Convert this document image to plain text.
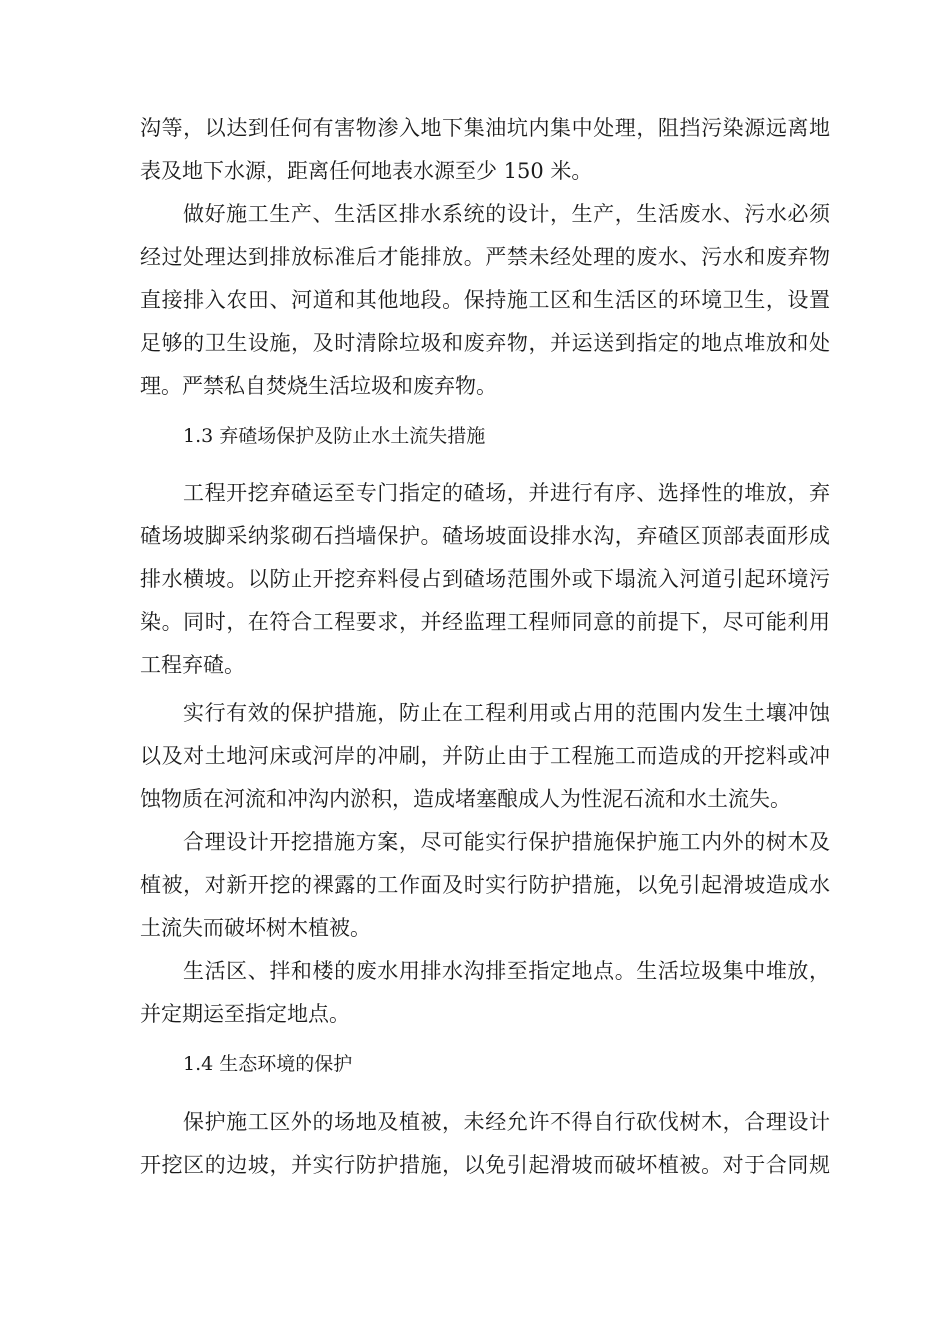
沟等，以达到任何有害物渗入地下集油坑内集中处理，阻挡污染源远离地
表及地下水源，距离任何地表水源至少 150 米。
做好施工生产、生活区排水系统的设计，生产，生活废水、污水必须
经过处理达到排放标准后才能排放。严禁未经处理的废水、污水和废弃物
直接排入农田、河道和其他地段。保持施工区和生活区的环境卫生，设置
足够的卫生设施，及时清除垃圾和废弃物，并运送到指定的地点堆放和处
理。严禁私自焚烧生活垃圾和废弃物。
1.3 弃碴场保护及防止水土流失措施
工程开挖弃碴运至专门指定的碴场，并进行有序、选择性的堆放，弃
碴场坡脚采纳浆砌石挡墙保护。碴场坡面设排水沟，弃碴区顶部表面形成
排水横坡。以防止开挖弃料侵占到碴场范围外或下塌流入河道引起环境污
染。同时，在符合工程要求，并经监理工程师同意的前提下，尽可能利用
工程弃碴。
实行有效的保护措施，防止在工程利用或占用的范围内发生土壤冲蚀
以及对土地河床或河岸的冲刷，并防止由于工程施工而造成的开挖料或冲
蚀物质在河流和冲沟内淤积，造成堵塞酿成人为性泥石流和水土流失。
合理设计开挖措施方案，尽可能实行保护措施保护施工内外的树木及
植被，对新开挖的裸露的工作面及时实行防护措施，以免引起滑坡造成水
土流失而破坏树木植被。
生活区、拌和楼的废水用排水沟排至指定地点。生活垃圾集中堆放，
并定期运至指定地点。
1.4 生态环境的保护
保护施工区外的场地及植被，未经允许不得自行砍伐树木，合理设计
开挖区的边坡，并实行防护措施，以免引起滑坡而破坏植被。对于合同规
